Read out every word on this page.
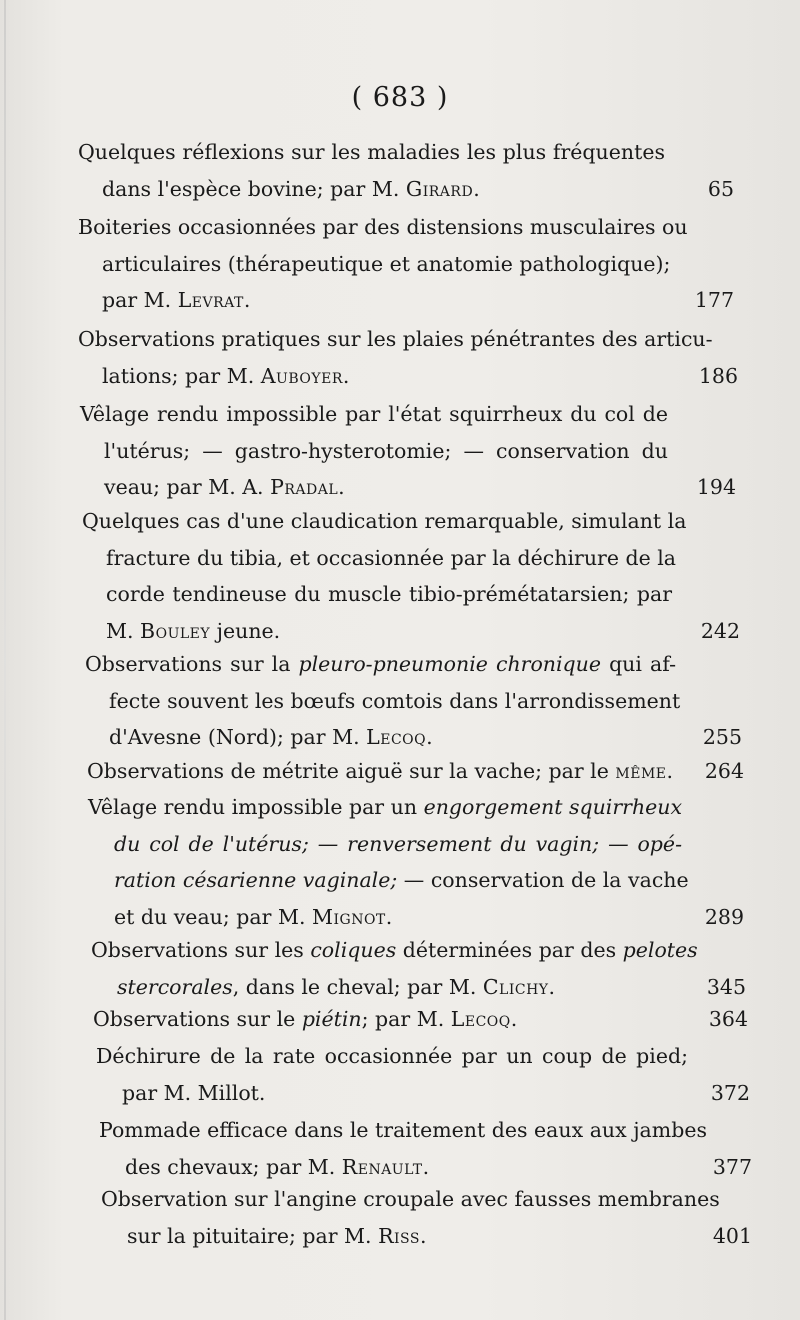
( 683 )
Quelques réflexions sur les maladies les plus fréquentes
dans l'espèce bovine; par M. Girard.	65
Boiteries occasionnées par des distensions musculaires ou
articulaires (thérapeutique et anatomie pathologique);
par M. Levrat.	177
Observations pratiques sur les plaies pénétrantes des articu-
lations; par M. Auboyer.	186
Vêlage rendu impossible par l'état squirrheux du col de
l'utérus; — gastro-hysterotomie; — conservation du
veau; par M. A. Pradal.	194
Quelques cas d'une claudication remarquable, simulant la
fracture du tibia, et occasionnée par la déchirure de la
corde tendineuse du muscle tibio-prémétatarsien; par
M. Bouley jeune.	242
Observations sur la pleuro-pneumonie chronique qui af-
fecte souvent les bœufs comtois dans l'arrondissement
d'Avesne (Nord); par M. Lecoq.	255
Observations de métrite aiguë sur la vache; par le même. 264
Vêlage rendu impossible par un engorgement squirrheux
du col de l'utérus; — renversement du vagin; — opé-
ration césarienne vaginale; — conservation de la vache
et du veau; par M. Mignot.	289
Observations sur les coliques déterminées par des pelotes
stercorales, dans le cheval; par M. Clichy.	345
Observations sur le piétin; par M. Lecoq.	364
Déchirure de la rate occasionnée par un coup de pied;
par M. Millot.	372
Pommade efficace dans le traitement des eaux aux jambes
des chevaux; par M. Renault.	377
Observation sur l'angine croupale avec fausses membranes
sur la pituitaire; par M. Riss.	401
